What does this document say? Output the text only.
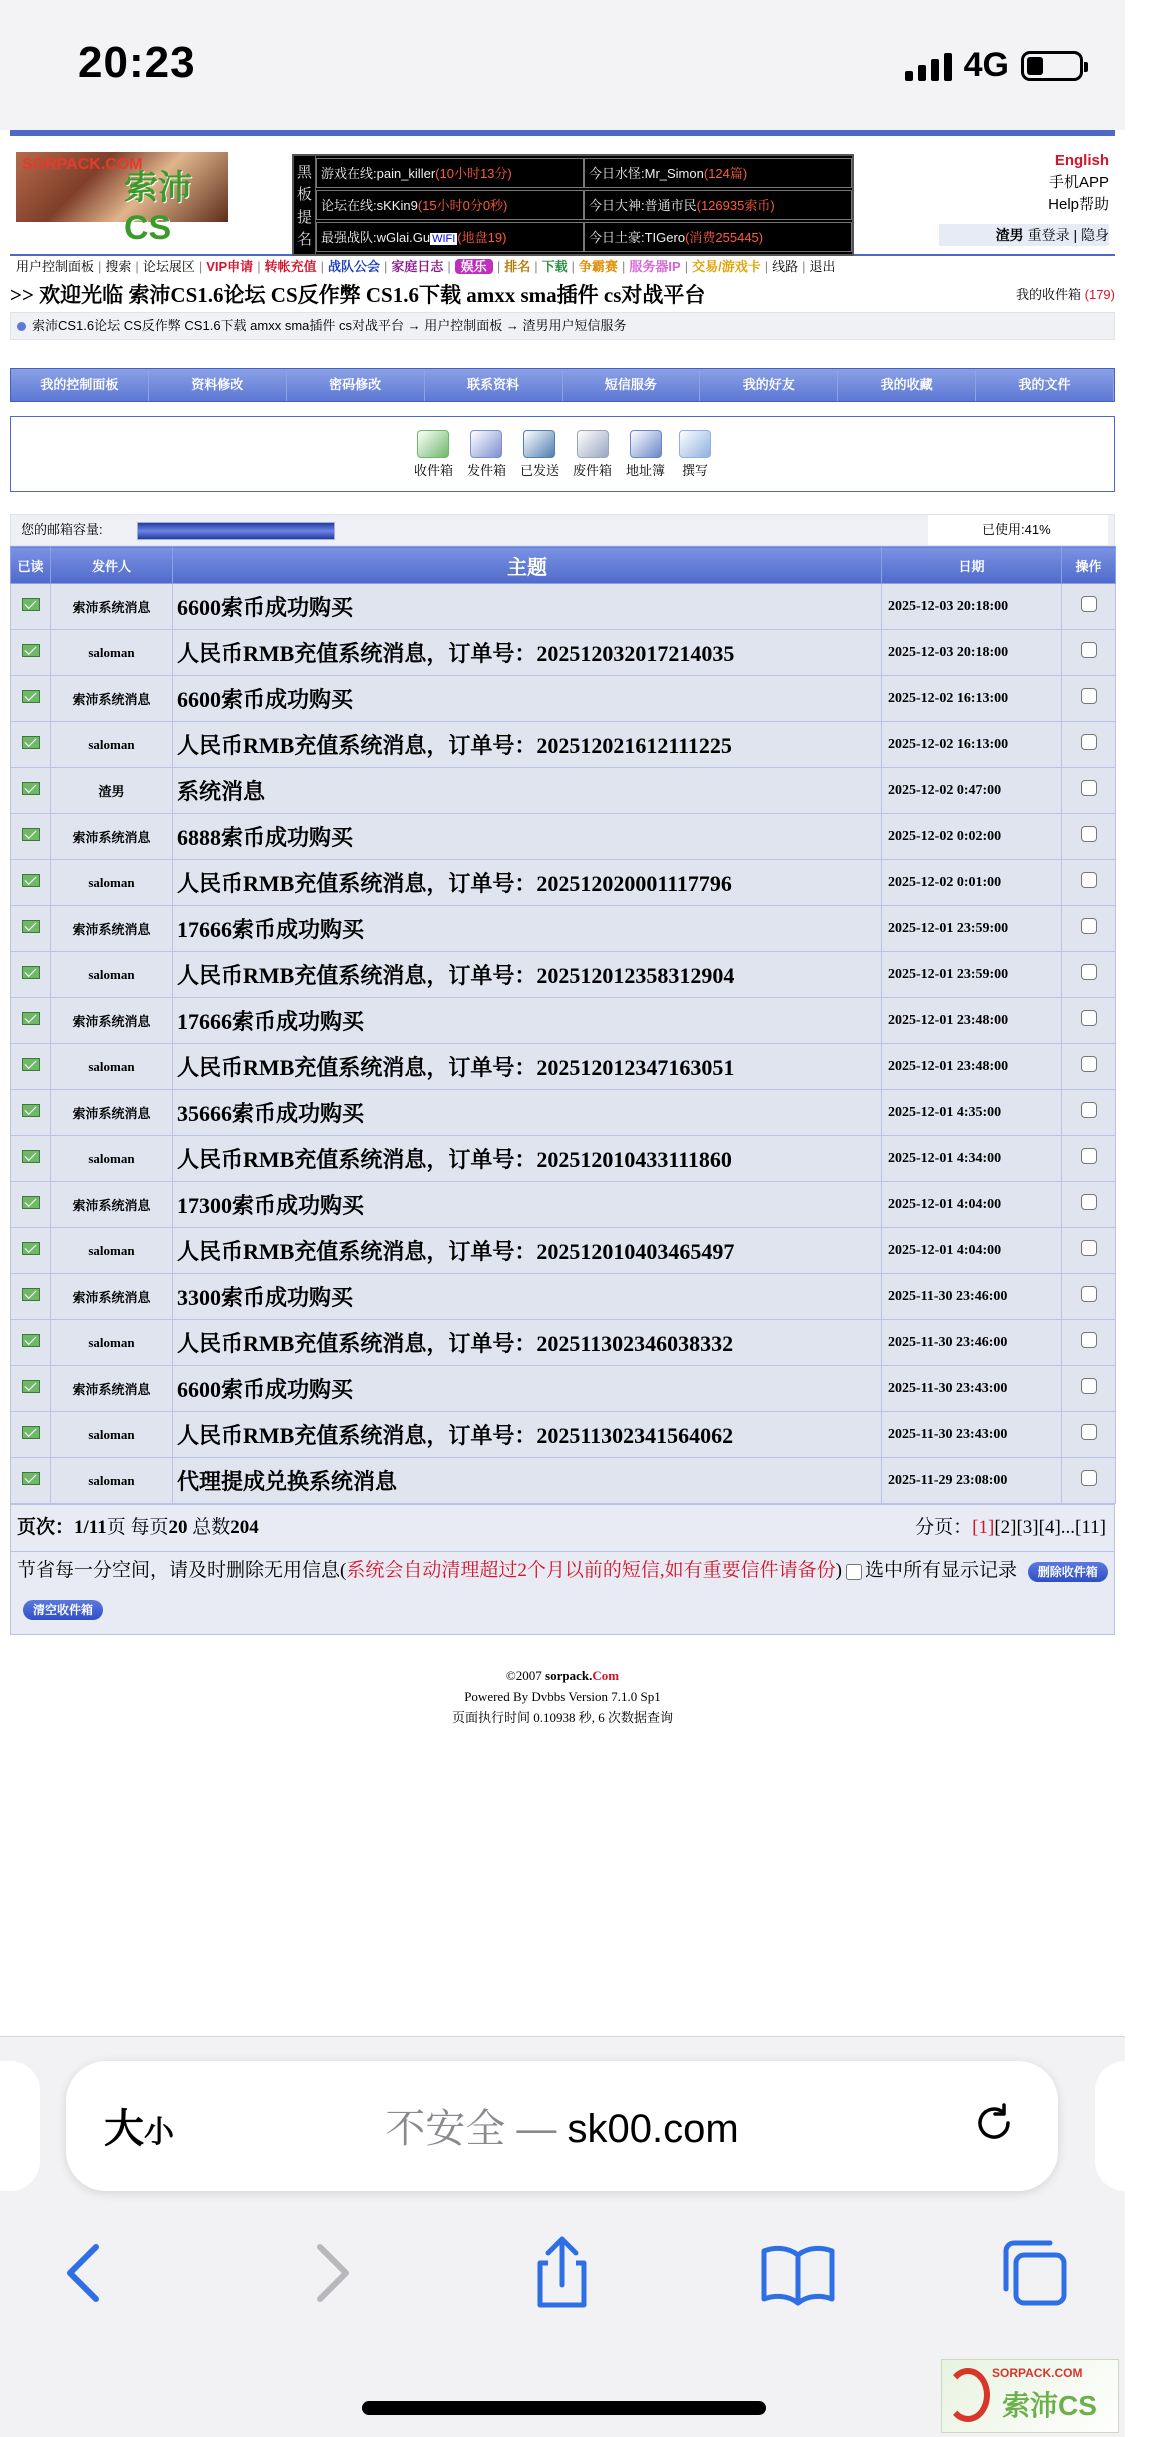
20:23	4G
SORPACK.COM
索沛CS
黑
板
提
名
游戏在线:pain_killer(10小时13分)	今日水怪:Mr_Simon(124篇)
论坛在线:sKKin9(15小时0分0秒)	今日大神:普通市民(126935索币)
最强战队:wGlai.Gu WIFI (地盘19)	今日土豪:TIGero(消费255445)
English
手机APP
Help帮助
渣男 重登录 | 隐身
用户控制面板 | 搜索 | 论坛展区 | VIP申请 | 转帐充值 | 战队公会 | 家庭日志 | 娱乐 | 排名 | 下载 | 争霸赛 | 服务器IP | 交易/游戏卡 | 线路 | 退出
>> 欢迎光临 索沛CS1.6论坛 CS反作弊 CS1.6下载 amxx sma插件 cs对战平台	我的收件箱 (179)
索沛CS1.6论坛 CS反作弊 CS1.6下载 amxx sma插件 cs对战平台 → 用户控制面板 → 渣男用户短信服务
我的控制面板	资料修改	密码修改	联系资料	短信服务	我的好友	我的收藏	我的文件
收件箱 发件箱 已发送 废件箱 地址簿 撰写
您的邮箱容量:	已使用:41%
已读	发件人	主题	日期	操作
	索沛系统消息	6600索币成功购买	2025-12-03 20:18:00	
	saloman	人民币RMB充值系统消息，订单号：2025120320172140​35	2025-12-03 20:18:00	
	索沛系统消息	6600索币成功购买	2025-12-02 16:13:00	
	saloman	人民币RMB充值系统消息，订单号：2025120216121112​25	2025-12-02 16:13:00	
	渣男	系统消息	2025-12-02 0:47:00	
	索沛系统消息	6888索币成功购买	2025-12-02 0:02:00	
	saloman	人民币RMB充值系统消息，订单号：2025120200011177​96	2025-12-02 0:01:00	
	索沛系统消息	17666索币成功购买	2025-12-01 23:59:00	
	saloman	人民币RMB充值系统消息，订单号：2025120123583129​04	2025-12-01 23:59:00	
	索沛系统消息	17666索币成功购买	2025-12-01 23:48:00	
	saloman	人民币RMB充值系统消息，订单号：2025120123471630​51	2025-12-01 23:48:00	
	索沛系统消息	35666索币成功购买	2025-12-01 4:35:00	
	saloman	人民币RMB充值系统消息，订单号：2025120104331118​60	2025-12-01 4:34:00	
	索沛系统消息	17300索币成功购买	2025-12-01 4:04:00	
	saloman	人民币RMB充值系统消息，订单号：2025120104034654​97	2025-12-01 4:04:00	
	索沛系统消息	3300索币成功购买	2025-11-30 23:46:00	
	saloman	人民币RMB充值系统消息，订单号：2025113023460383​32	2025-11-30 23:46:00	
	索沛系统消息	6600索币成功购买	2025-11-30 23:43:00	
	saloman	人民币RMB充值系统消息，订单号：2025113023415640​62	2025-11-30 23:43:00	
	saloman	代理提成兑换系统消息	2025-11-29 23:08:00	
页次：1/11页 每页20 总数204	分页：[1][2][3][4]...[11]
节省每一分空间，请及时删除无用信息(系统会自动清理超过2个月以前的短信,如有重要信件请备份) 选中所有显示记录 删除收件箱清空收件箱
©2007 sorpack.Com
Powered By Dvbbs Version 7.1.0 Sp1
页面执行时间 0.10938 秒, 6 次数据查询
大小	不安全 — sk00.com
SORPACK.COM
索沛CS
